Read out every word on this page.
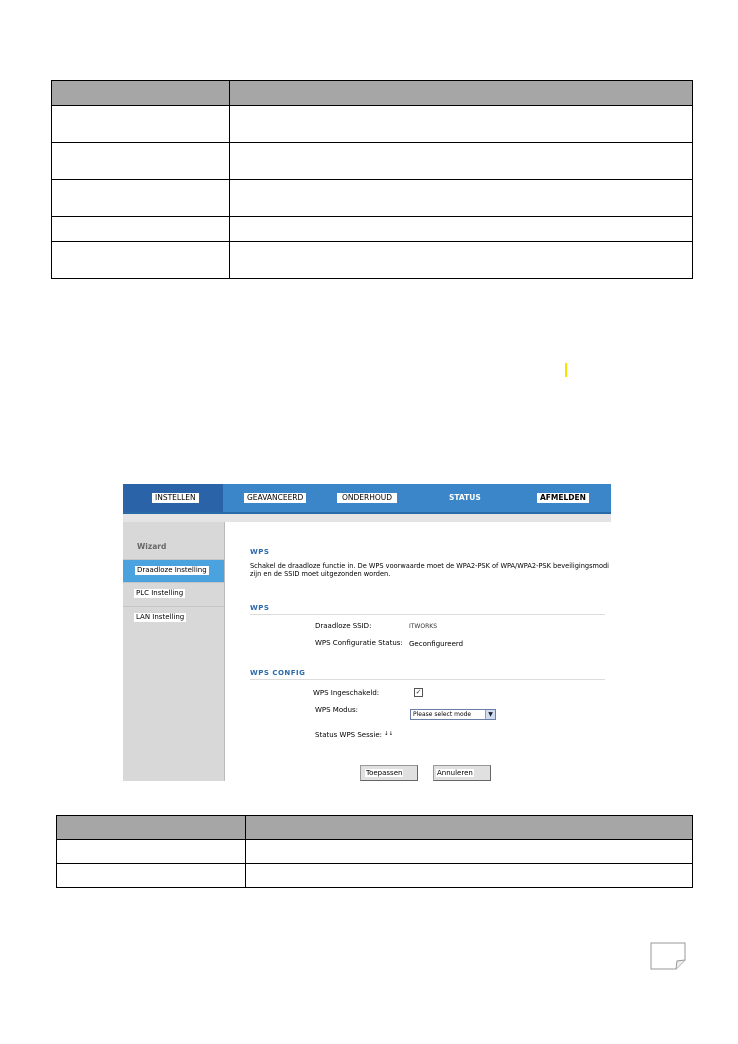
INSTELLEN	GEAVANCEERD	ONDERHOUD	STATUS	AFMELDEN
Wizard
Draadloze Instelling
PLC Instelling
LAN Instelling
WPS
Schakel de draadloze functie in. De WPS voorwaarde moet de WPA2-PSK of WPA/WPA2-PSK beveiligingsmodi
zijn en de SSID moet uitgezonden worden.
WPS
Draadloze SSID:	ITWORKS
WPS Configuratie Status: Geconfigureerd
WPS CONFIG
WPS Ingeschakeld:	✓
WPS Modus:
Please select mode	▼
Status WPS Sessie: ↓↓
Toepassen	Annuleren
